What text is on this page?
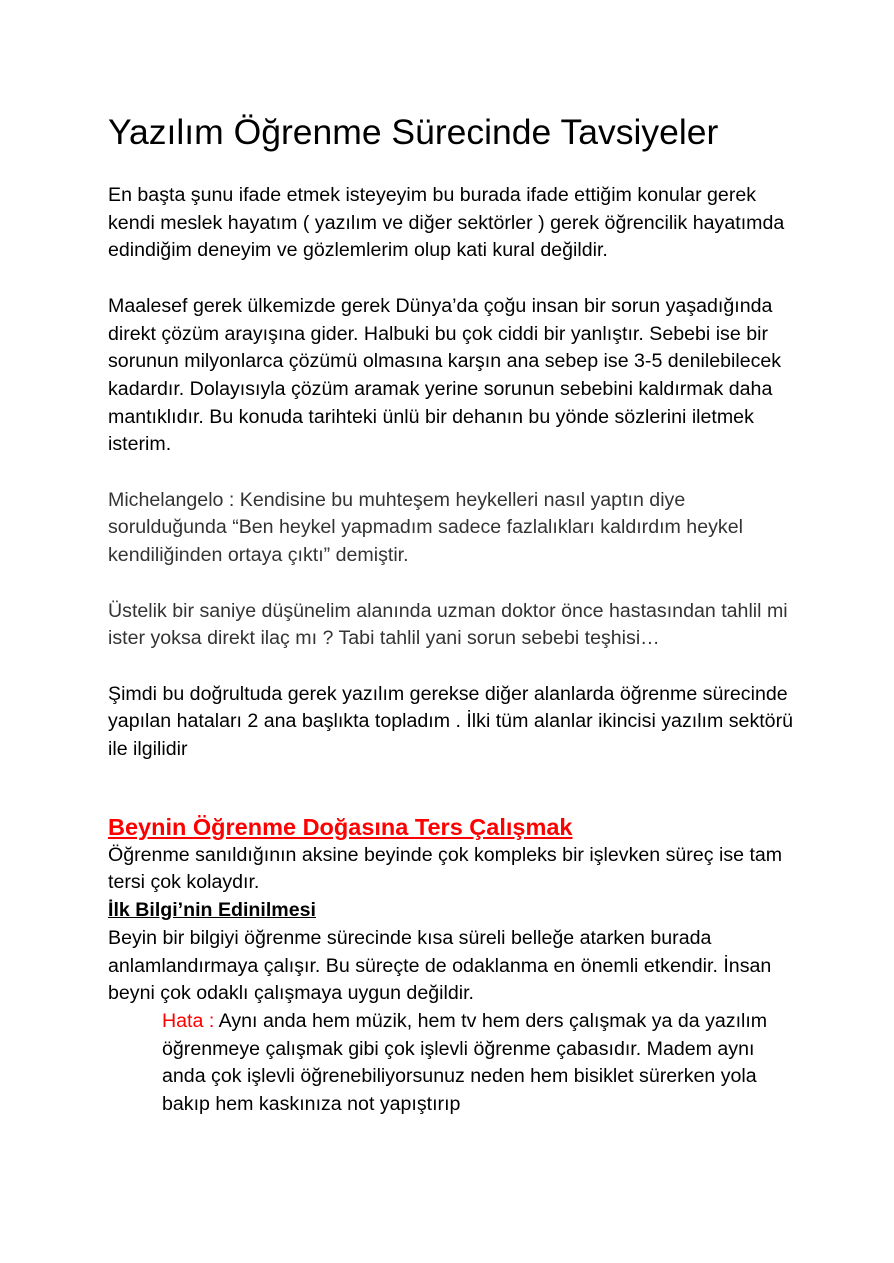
Yazılım Öğrenme Sürecinde Tavsiyeler

En başta şunu ifade etmek isteyeyim bu burada ifade ettiğim konular gerek kendi meslek hayatım ( yazılım ve diğer sektörler ) gerek öğrencilik hayatımda edindiğim deneyim ve gözlemlerim olup kati kural değildir.

Maalesef gerek ülkemizde gerek Dünya’da çoğu insan bir sorun yaşadığında direkt çözüm arayışına gider. Halbuki bu çok ciddi bir yanlıştır. Sebebi ise bir sorunun milyonlarca çözümü olmasına karşın ana sebep ise 3-5 denilebilecek kadardır. Dolayısıyla çözüm aramak yerine sorunun sebebini kaldırmak daha mantıklıdır. Bu konuda tarihteki ünlü bir dehanın bu yönde sözlerini iletmek isterim.

Michelangelo : Kendisine bu muhteşem heykelleri nasıl yaptın diye sorulduğunda “Ben heykel yapmadım sadece fazlalıkları kaldırdım heykel kendiliğinden ortaya çıktı” demiştir.

Üstelik bir saniye düşünelim alanında uzman doktor önce hastasından tahlil mi ister yoksa direkt ilaç mı ? Tabi tahlil yani sorun sebebi teşhisi…

Şimdi bu doğrultuda gerek yazılım gerekse diğer alanlarda öğrenme sürecinde yapılan hataları 2 ana başlıkta topladım . İlki tüm alanlar ikincisi yazılım sektörü ile ilgilidir

Beynin Öğrenme Doğasına Ters Çalışmak

Öğrenme sanıldığının aksine beyinde çok kompleks bir işlevken süreç ise tam tersi çok kolaydır.

İlk Bilgi’nin Edinilmesi

Beyin bir bilgiyi öğrenme sürecinde kısa süreli belleğe atarken burada anlamlandırmaya çalışır. Bu süreçte de odaklanma en önemli etkendir. İnsan beyni çok odaklı çalışmaya uygun değildir.

Hata : Aynı anda hem müzik, hem tv hem ders çalışmak ya da yazılım öğrenmeye çalışmak gibi çok işlevli öğrenme çabasıdır. Madem aynı anda çok işlevli öğrenebiliyorsunuz neden hem bisiklet sürerken yola bakıp hem kaskınıza not yapıştırıp
